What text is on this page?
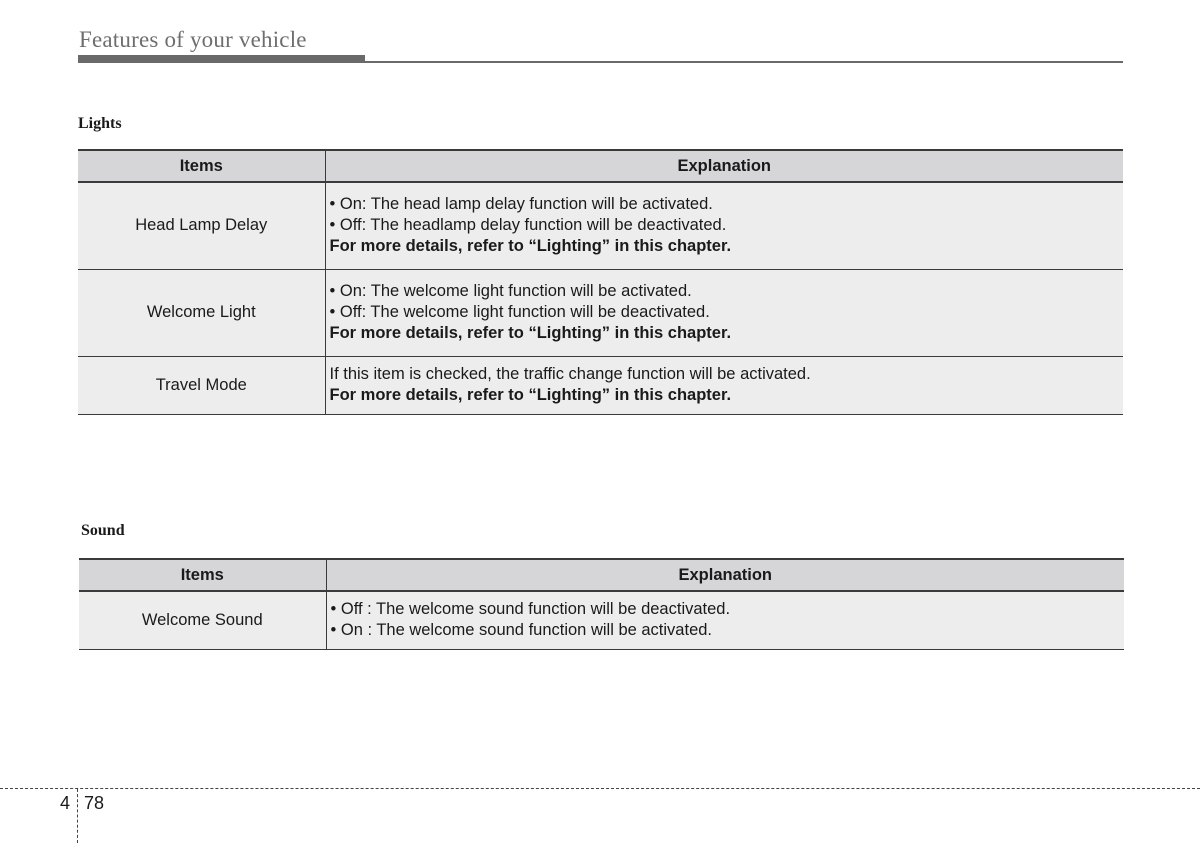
Features of your vehicle
Lights
Items	Explanation
Head Lamp Delay	• On: The head lamp delay function will be activated.
• Off: The headlamp delay function will be deactivated.
For more details, refer to “Lighting” in this chapter.

Welcome Light	• On: The welcome light function will be activated.
• Off: The welcome light function will be deactivated.
For more details, refer to “Lighting” in this chapter.

Travel Mode	If this item is checked, the traffic change function will be activated.
For more details, refer to “Lighting” in this chapter.
Sound
Items	Explanation
Welcome Sound	• Off : The welcome sound function will be deactivated.
• On : The welcome sound function will be activated.
4 78
